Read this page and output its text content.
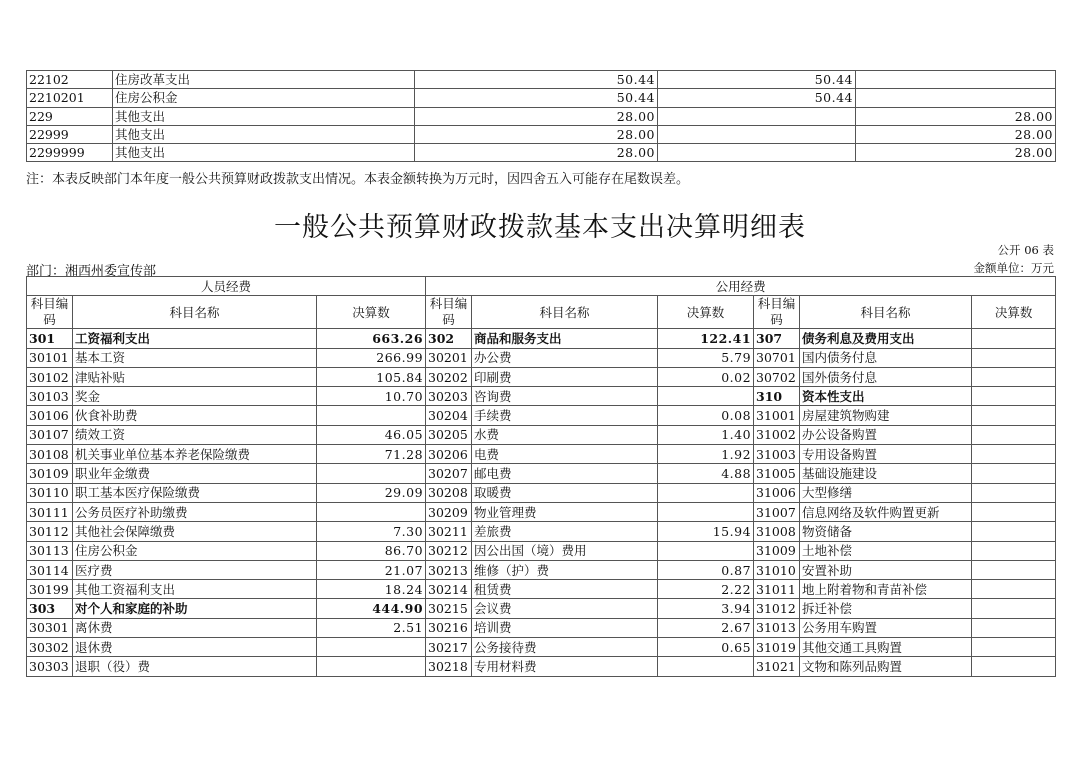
22102	住房改革支出	50.44	50.44	
2210201	住房公积金	50.44	50.44	
229	其他支出	28.00		28.00
22999	其他支出	28.00		28.00
2299999	其他支出	28.00		28.00
注：本表反映部门本年度一般公共预算财政拨款支出情况。本表金额转换为万元时，因四舍五入可能存在尾数误差。
一般公共预算财政拨款基本支出决算明细表
公开 06 表
部门：湘西州委宣传部	金额单位：万元
人员经费			公用经费					
科目编码	科目名称	决算数	科目编码	科目名称	决算数	科目编码	科目名称	决算数
301	工资福利支出	663.26	302	商品和服务支出	122.41	307	债务利息及费用支出	
30101	基本工资	266.99	30201	办公费	5.79	30701	国内债务付息	
30102	津贴补贴	105.84	30202	印刷费	0.02	30702	国外债务付息	
30103	奖金	10.70	30203	咨询费		310	资本性支出	
30106	伙食补助费		30204	手续费	0.08	31001	房屋建筑物购建	
30107	绩效工资	46.05	30205	水费	1.40	31002	办公设备购置	
30108	机关事业单位基本养老保险缴费	71.28	30206	电费	1.92	31003	专用设备购置	
30109	职业年金缴费		30207	邮电费	4.88	31005	基础设施建设	
30110	职工基本医疗保险缴费	29.09	30208	取暖费		31006	大型修缮	
30111	公务员医疗补助缴费		30209	物业管理费		31007	信息网络及软件购置更新	
30112	其他社会保障缴费	7.30	30211	差旅费	15.94	31008	物资储备	
30113	住房公积金	86.70	30212	因公出国（境）费用		31009	土地补偿	
30114	医疗费	21.07	30213	维修（护）费	0.87	31010	安置补助	
30199	其他工资福利支出	18.24	30214	租赁费	2.22	31011	地上附着物和青苗补偿	
303	对个人和家庭的补助	444.90	30215	会议费	3.94	31012	拆迁补偿	
30301	离休费	2.51	30216	培训费	2.67	31013	公务用车购置	
30302	退休费		30217	公务接待费	0.65	31019	其他交通工具购置	
30303	退职（役）费		30218	专用材料费		31021	文物和陈列品购置	
